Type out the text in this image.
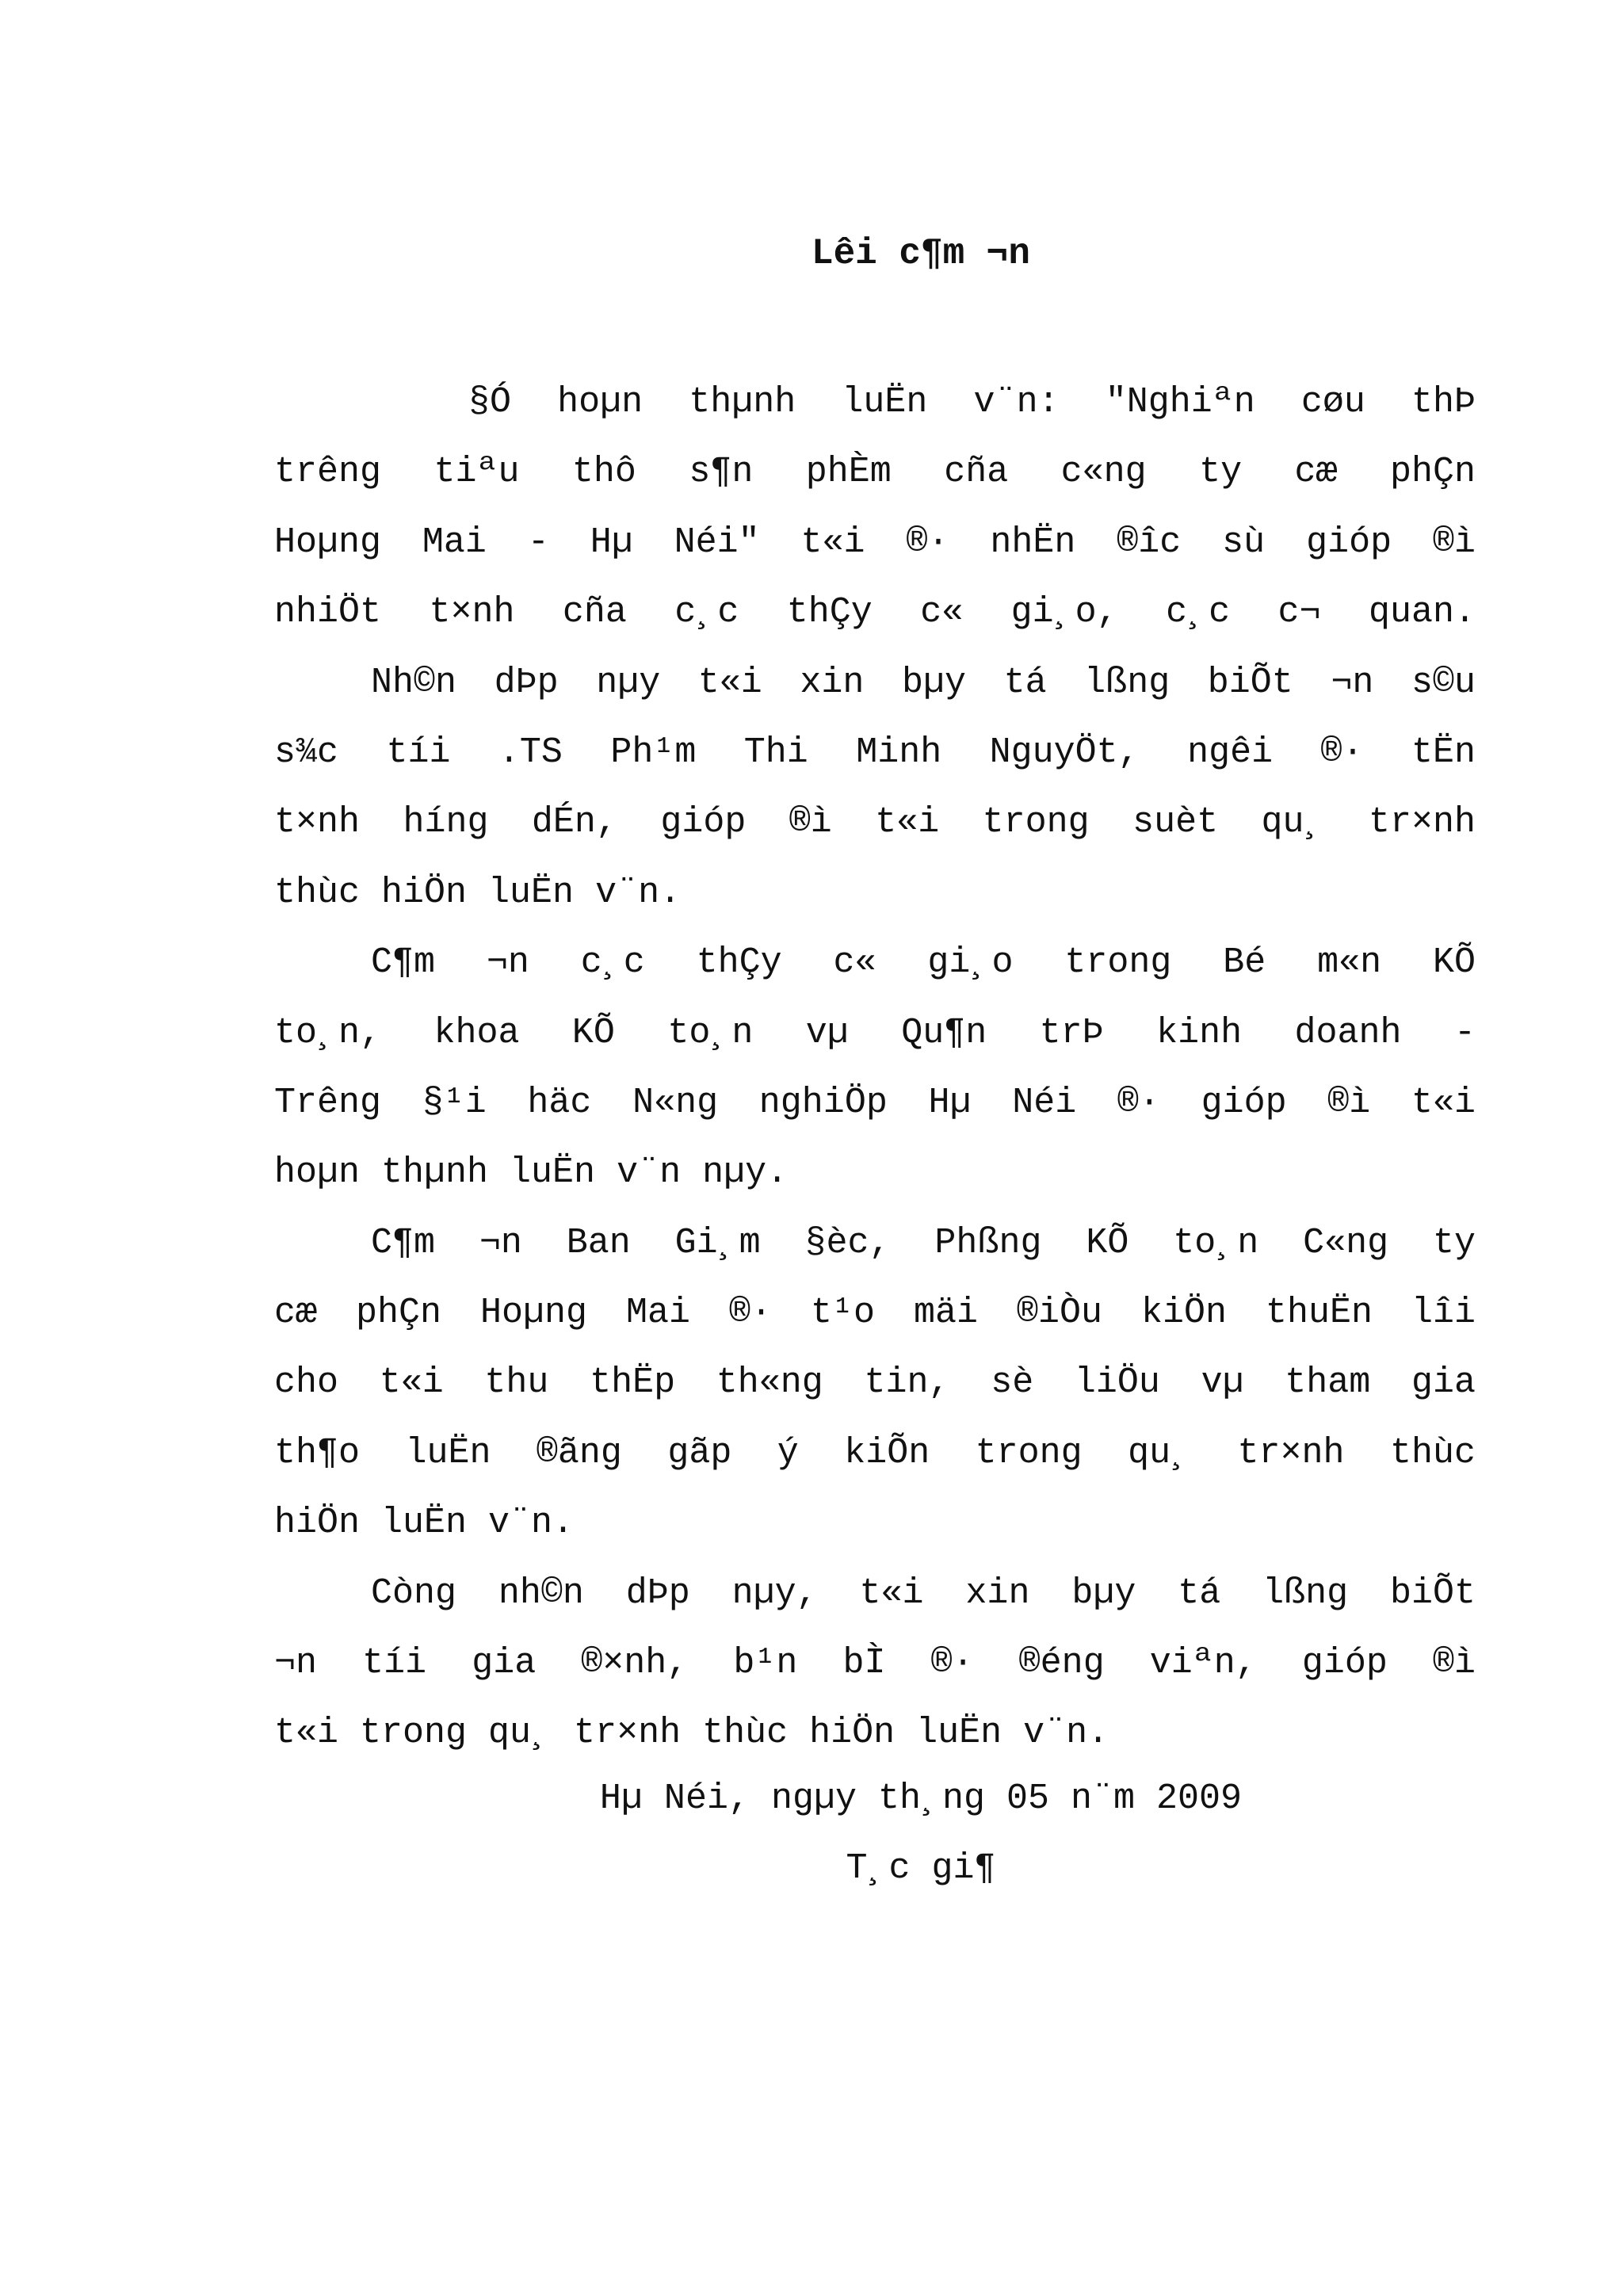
Lêi c¶m ¬n
§Ó hoµn thµnh luËn v¨n: "Nghiªn cøu thÞ
trêng tiªu thô s¶n phÈm cña c«ng ty cæ phÇn
Hoµng Mai - Hµ Néi" t«i ®· nhËn ®îc sù gióp ®ì
nhiÖt t×nh cña c¸c thÇy c« gi¸o, c¸c c¬ quan.
Nh©n dÞp nµy t«i xin bµy tá lßng biÕt ¬n s©u
s¾c tíi .TS Ph¹m Thi Minh NguyÖt, ngêi ®· tËn
t×nh híng dÉn, gióp ®ì t«i trong suèt qu¸ tr×nh
thùc hiÖn luËn v¨n.
C¶m ¬n c¸c thÇy c« gi¸o trong Bé m«n KÕ
to¸n, khoa KÕ to¸n vµ Qu¶n trÞ kinh doanh -
Trêng §¹i häc N«ng nghiÖp Hµ Néi ®· gióp ®ì t«i
hoµn thµnh luËn v¨n nµy.
C¶m ¬n Ban Gi¸m §èc, Phßng KÕ to¸n C«ng ty
cæ phÇn Hoµng Mai ®· t¹o mäi ®iÒu kiÖn thuËn lîi
cho t«i thu thËp th«ng tin, sè liÖu vµ tham gia
th¶o luËn ®ãng gãp ý kiÕn trong qu¸ tr×nh thùc
hiÖn luËn v¨n.
Còng nh©n dÞp nµy, t«i xin bµy tá lßng biÕt
¬n tíi gia ®×nh, b¹n bÌ ®· ®éng viªn, gióp ®ì
t«i trong qu¸ tr×nh thùc hiÖn luËn v¨n.
Hµ Néi, ngµy th¸ng 05 n¨m 2009
T¸c gi¶
